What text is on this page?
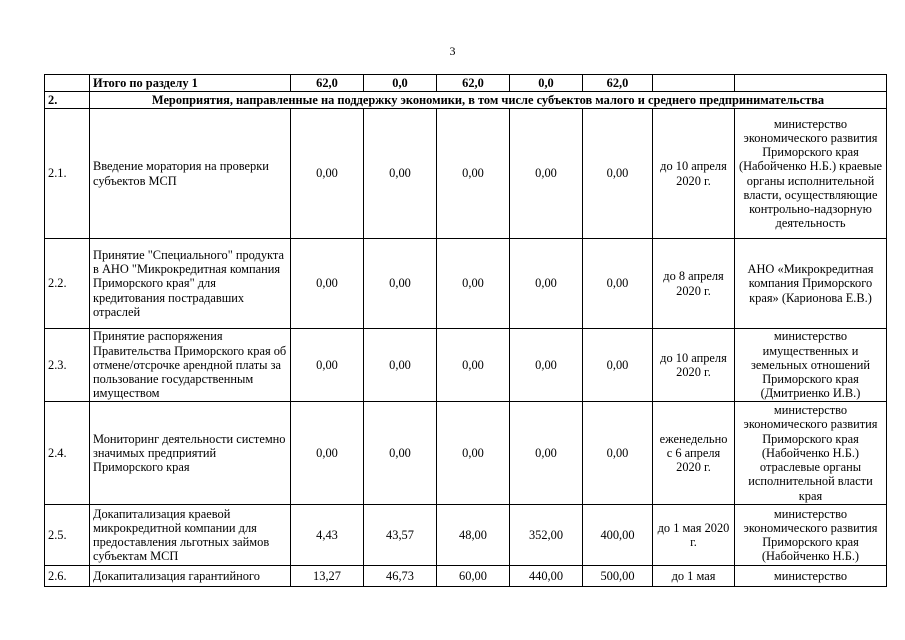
3
	Итого по разделу 1	62,0	0,0	62,0	0,0	62,0		
2.	Мероприятия, направленные на поддержку экономики, в том числе субъектов малого и среднего предпринимательства							
2.1.	Введение моратория на проверки субъектов МСП	0,00	0,00	0,00	0,00	0,00	до 10 апреля 2020 г.	министерство экономического развития Приморского края (Набойченко Н.Б.) краевые органы исполнительной власти, осуществляющие контрольно-надзорную деятельность
2.2.	Принятие "Специального" продукта в АНО "Микрокредитная компания Приморского края" для кредитования пострадавших отраслей	0,00	0,00	0,00	0,00	0,00	до 8 апреля 2020 г.	АНО «Микрокредитная компания Приморского края» (Карионова Е.В.)
2.3.	Принятие распоряжения Правительства Приморского края об отмене/отсрочке арендной платы за пользование государственным имуществом	0,00	0,00	0,00	0,00	0,00	до 10 апреля 2020 г.	министерство имущественных и земельных отношений Приморского края (Дмитриенко И.В.)
2.4.	Мониторинг деятельности системно значимых предприятий Приморского края	0,00	0,00	0,00	0,00	0,00	еженедельно с 6 апреля 2020 г.	министерство экономического развития Приморского края (Набойченко Н.Б.) отраслевые органы исполнительной власти края
2.5.	Докапитализация краевой микрокредитной компании для предоставления льготных займов субъектам МСП	4,43	43,57	48,00	352,00	400,00	до 1 мая 2020 г.	министерство экономического развития Приморского края (Набойченко Н.Б.)
2.6.	Докапитализация гарантийного	13,27	46,73	60,00	440,00	500,00	до 1 мая	министерство
